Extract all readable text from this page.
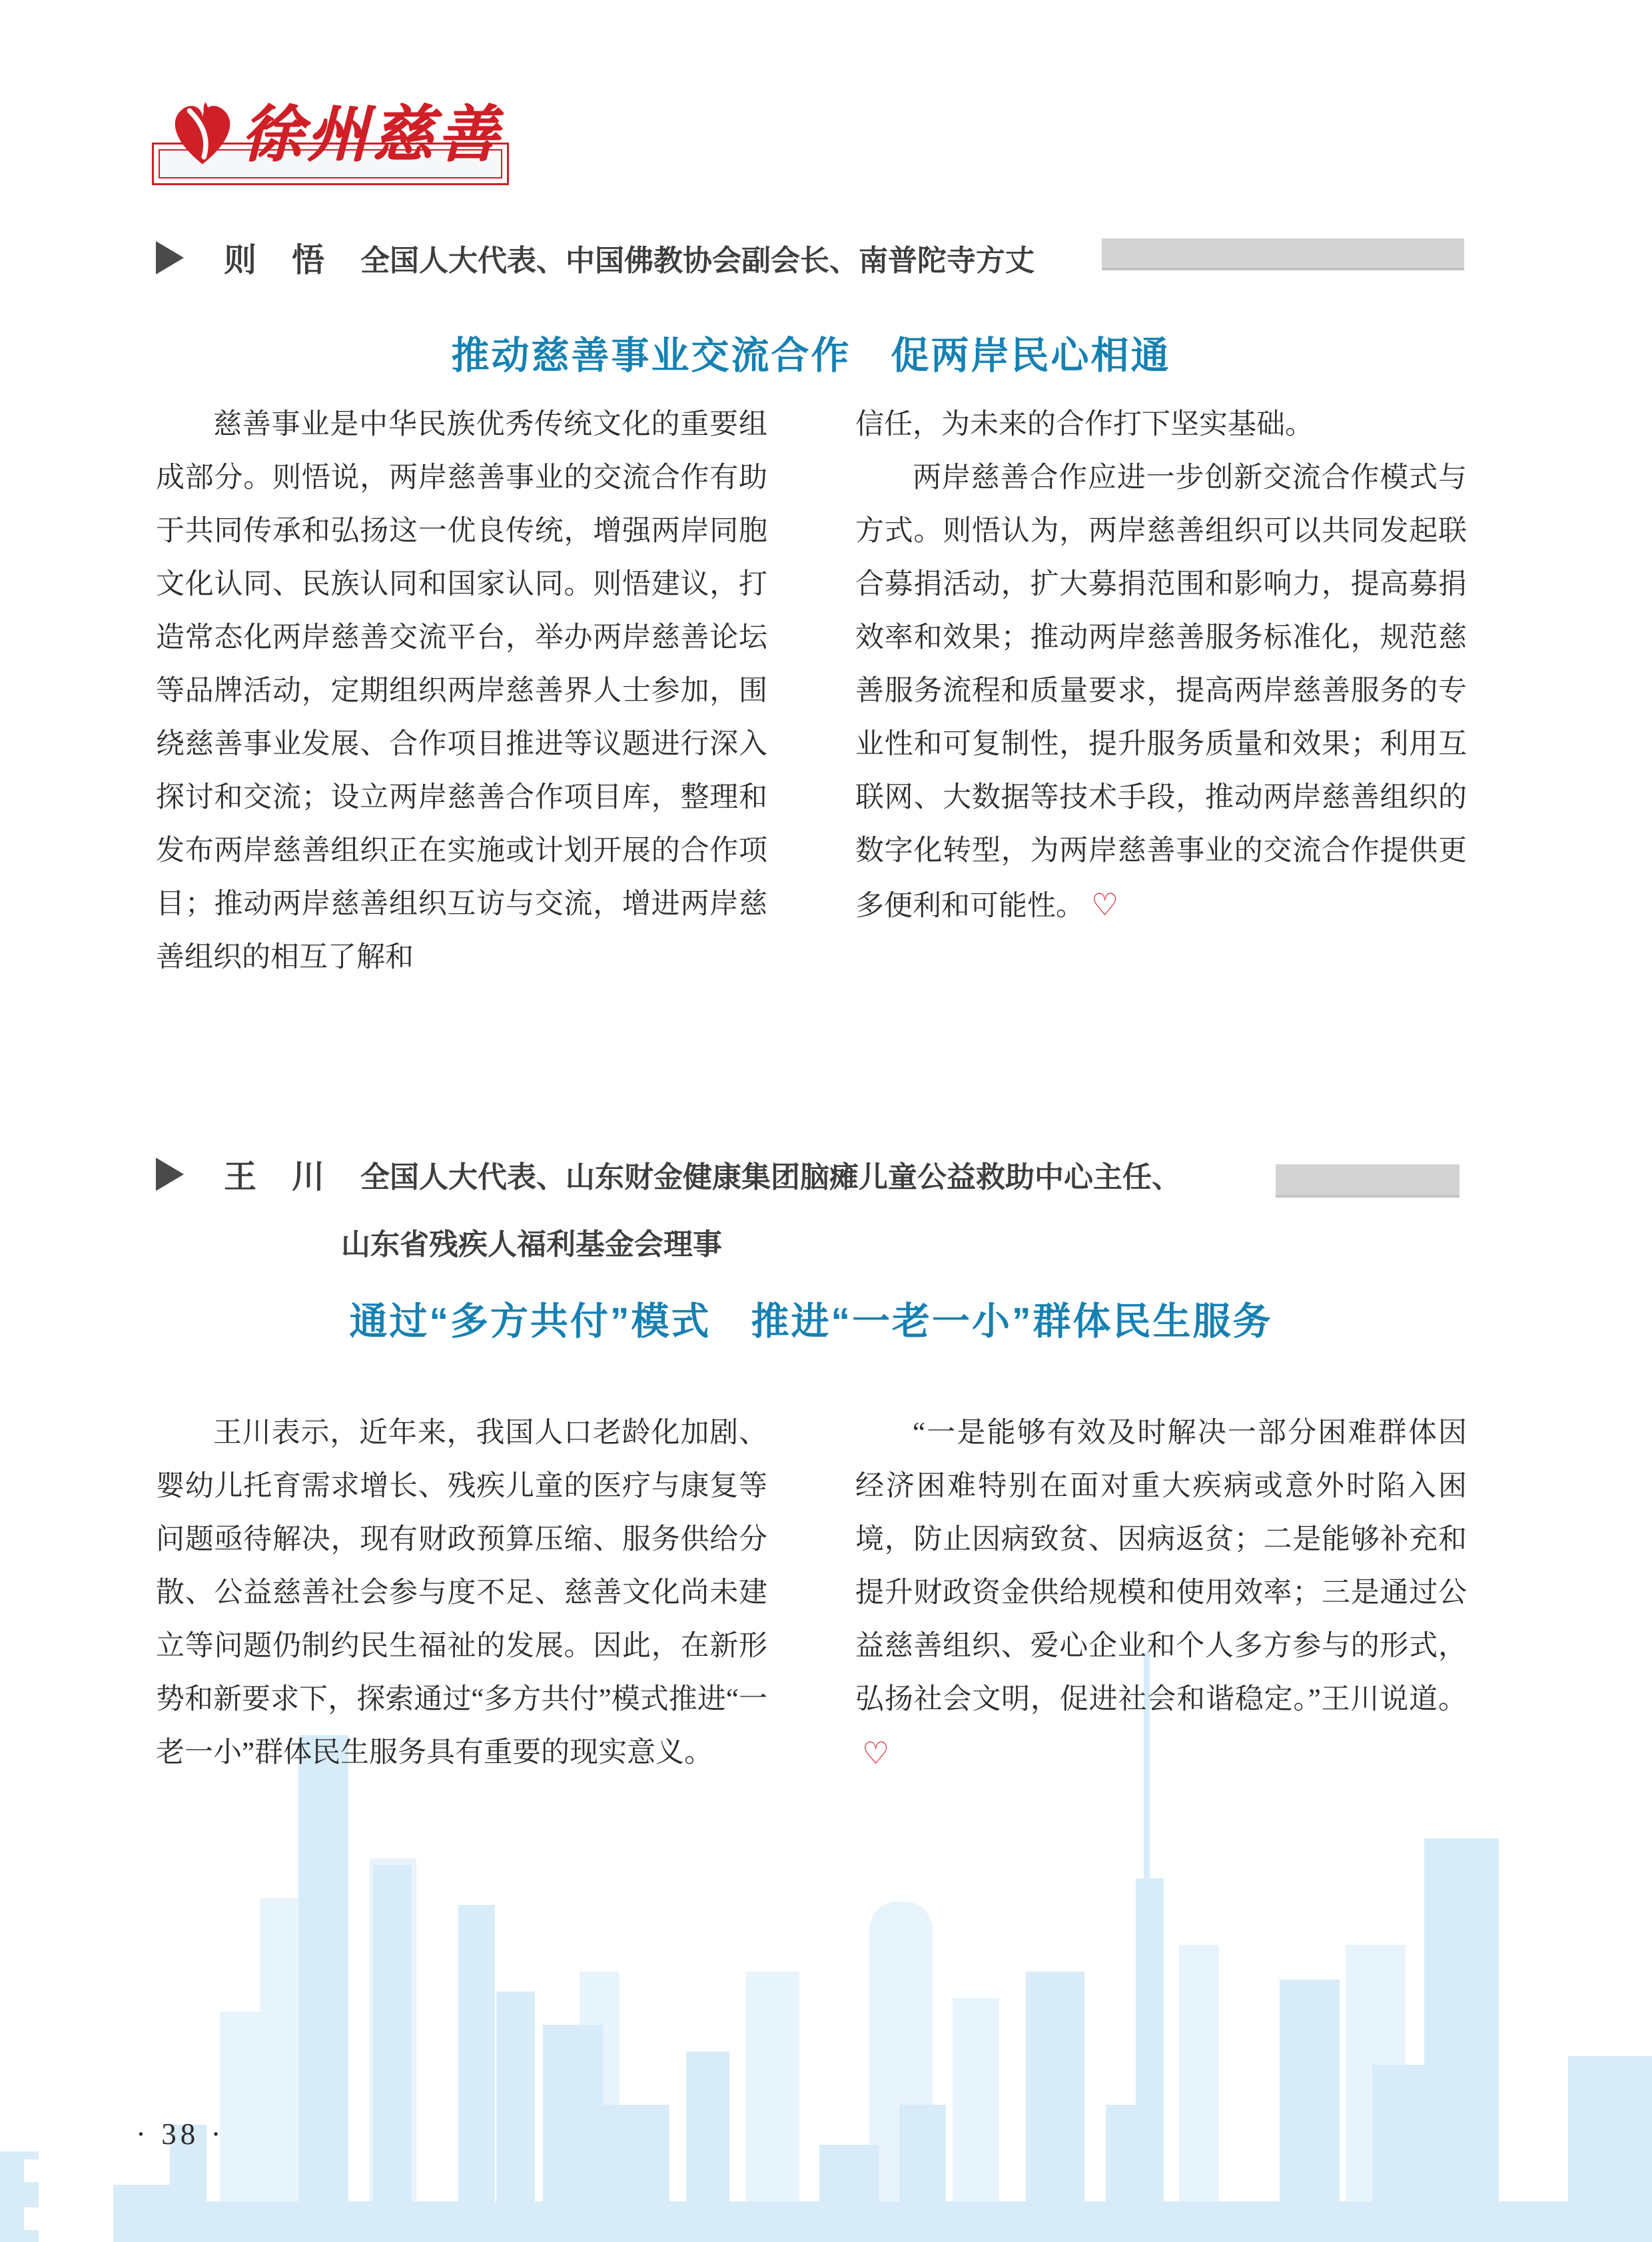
徐州慈善
则　悟 全国人大代表、中国佛教协会副会长、南普陀寺方丈
推动慈善事业交流合作　促两岸民心相通

慈善事业是中华民族优秀传统文化的重要组成部分。则悟说，两岸慈善事业的交流合作有助于共同传承和弘扬这一优良传统，增强两岸同胞文化认同、民族认同和国家认同。则悟建议，打造常态化两岸慈善交流平台，举办两岸慈善论坛等品牌活动，定期组织两岸慈善界人士参加，围绕慈善事业发展、合作项目推进等议题进行深入探讨和交流；设立两岸慈善合作项目库，整理和发布两岸慈善组织正在实施或计划开展的合作项目；推动两岸慈善组织互访与交流，增进两岸慈善组织的相互了解和

信任，为未来的合作打下坚实基础。

两岸慈善合作应进一步创新交流合作模式与方式。则悟认为，两岸慈善组织可以共同发起联合募捐活动，扩大募捐范围和影响力，提高募捐效率和效果；推动两岸慈善服务标准化，规范慈善服务流程和质量要求，提高两岸慈善服务的专业性和可复制性，提升服务质量和效果；利用互联网、大数据等技术手段，推动两岸慈善组织的数字化转型，为两岸慈善事业的交流合作提供更多便利和可能性。 ♡

王　川 全国人大代表、山东财金健康集团脑瘫儿童公益救助中心主任、
山东省残疾人福利基金会理事
通过“多方共付”模式　推进“一老一小”群体民生服务

王川表示，近年来，我国人口老龄化加剧、婴幼儿托育需求增长、残疾儿童的医疗与康复等问题亟待解决，现有财政预算压缩、服务供给分散、公益慈善社会参与度不足、慈善文化尚未建立等问题仍制约民生福祉的发展。因此，在新形势和新要求下，探索通过“多方共付”模式推进“一老一小”群体民生服务具有重要的现实意义。

“一是能够有效及时解决一部分困难群体因经济困难特别在面对重大疾病或意外时陷入困境，防止因病致贫、因病返贫；二是能够补充和提升财政资金供给规模和使用效率；三是通过公益慈善组织、爱心企业和个人多方参与的形式，弘扬社会文明，促进社会和谐稳定。”王川说道。♡

· 38 ·
